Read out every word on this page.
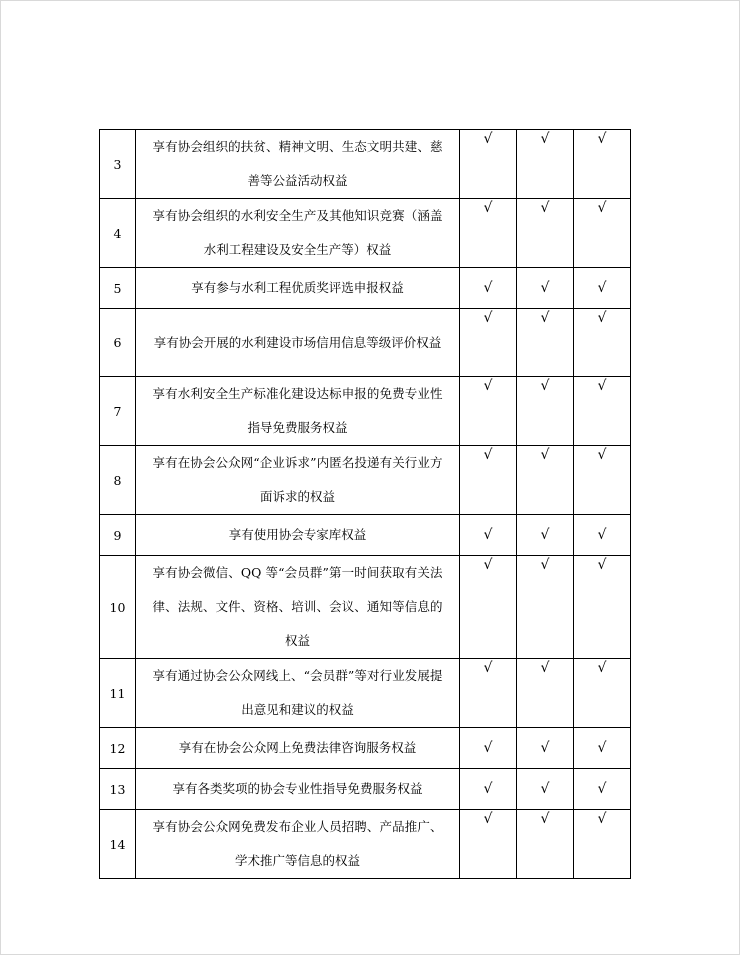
3	享有协会组织的扶贫、精神文明、生态文明共建、慈善等公益活动权益	√	√	√

4	享有协会组织的水利安全生产及其他知识竞赛（涵盖水利工程建设及安全生产等）权益	√	√	√

5	享有参与水利工程优质奖评选申报权益	√	√	√

6	享有协会开展的水利建设市场信用信息等级评价权益	√	√	√

7	享有水利安全生产标准化建设达标申报的免费专业性指导免费服务权益	√	√	√

8	享有在协会公众网“企业诉求”内匿名投递有关行业方面诉求的权益	√	√	√

9	享有使用协会专家库权益	√	√	√

10	享有协会微信、QQ 等“会员群”第一时间获取有关法律、法规、文件、资格、培训、会议、通知等信息的权益	√	√	√

11	享有通过协会公众网线上、“会员群”等对行业发展提出意见和建议的权益	√	√	√

12	享有在协会公众网上免费法律咨询服务权益	√	√	√

13	享有各类奖项的协会专业性指导免费服务权益	√	√	√

14	享有协会公众网免费发布企业人员招聘、产品推广、学术推广等信息的权益	√	√	√
